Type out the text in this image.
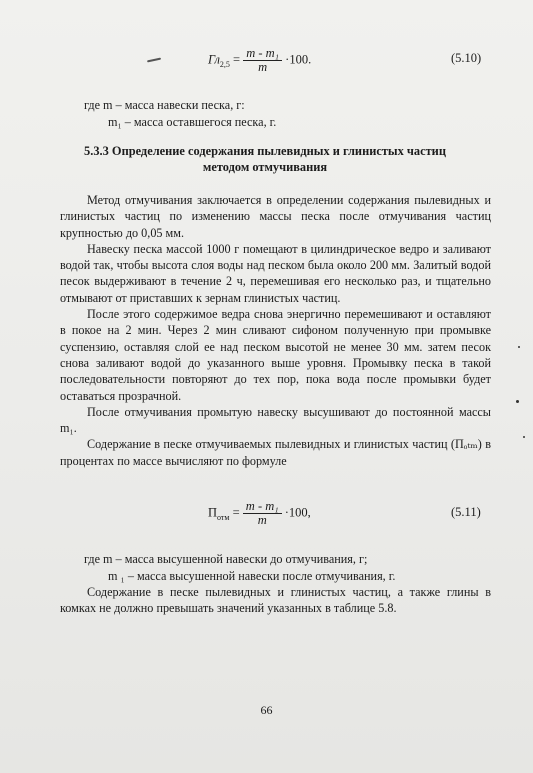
$Гл_{2,5} = \frac{\text{m - m₁}}{m} \cdot 100$.	(5.10)
где m – масса навески песка, г:
m₁ – масса оставшегося песка, г.
5.3.3 Определение содержания пылевидных и глинистых частиц
методом отмучивания

Метод отмучивания заключается в определении содержания пылевидных и глинистых частиц по изменению массы песка после отмучивания частиц крупностью до 0,05 мм.

Навеску песка массой 1000 г помещают в цилиндрическое ведро и заливают водой так, чтобы высота слоя воды над песком была около 200 мм. Залитый водой песок выдерживают в течение 2 ч, перемешивая его несколько раз, и тщательно отмывают от приставших к зернам глинистых частиц.

После этого содержимое ведра снова энергично перемешивают и оставляют в покое на 2 мин. Через 2 мин сливают сифоном полученную при промывке суспензию, оставляя слой ее над песком высотой не менее 30 мм. затем песок снова заливают водой до указанного выше уровня. Промывку песка в такой последовательности повторяют до тех пор, пока вода после промывки будет оставаться прозрачной.

После отмучивания промытую навеску высушивают до постоянной массы m₁.

Содержание в песке отмучиваемых пылевидных и глинистых частиц (Пₒₜₘ) в процентах по массе вычисляют по формуле

$П_{отм} = \frac{\text{m - m₁}}{m} \cdot 100$,	(5.11)
где m – масса высушенной навески до отмучивания, г;
m ₁ – масса высушенной навески после отмучивания, г.

Содержание в песке пылевидных и глинистых частиц, а также глины в комках не должно превышать значений указанных в таблице 5.8.

66
